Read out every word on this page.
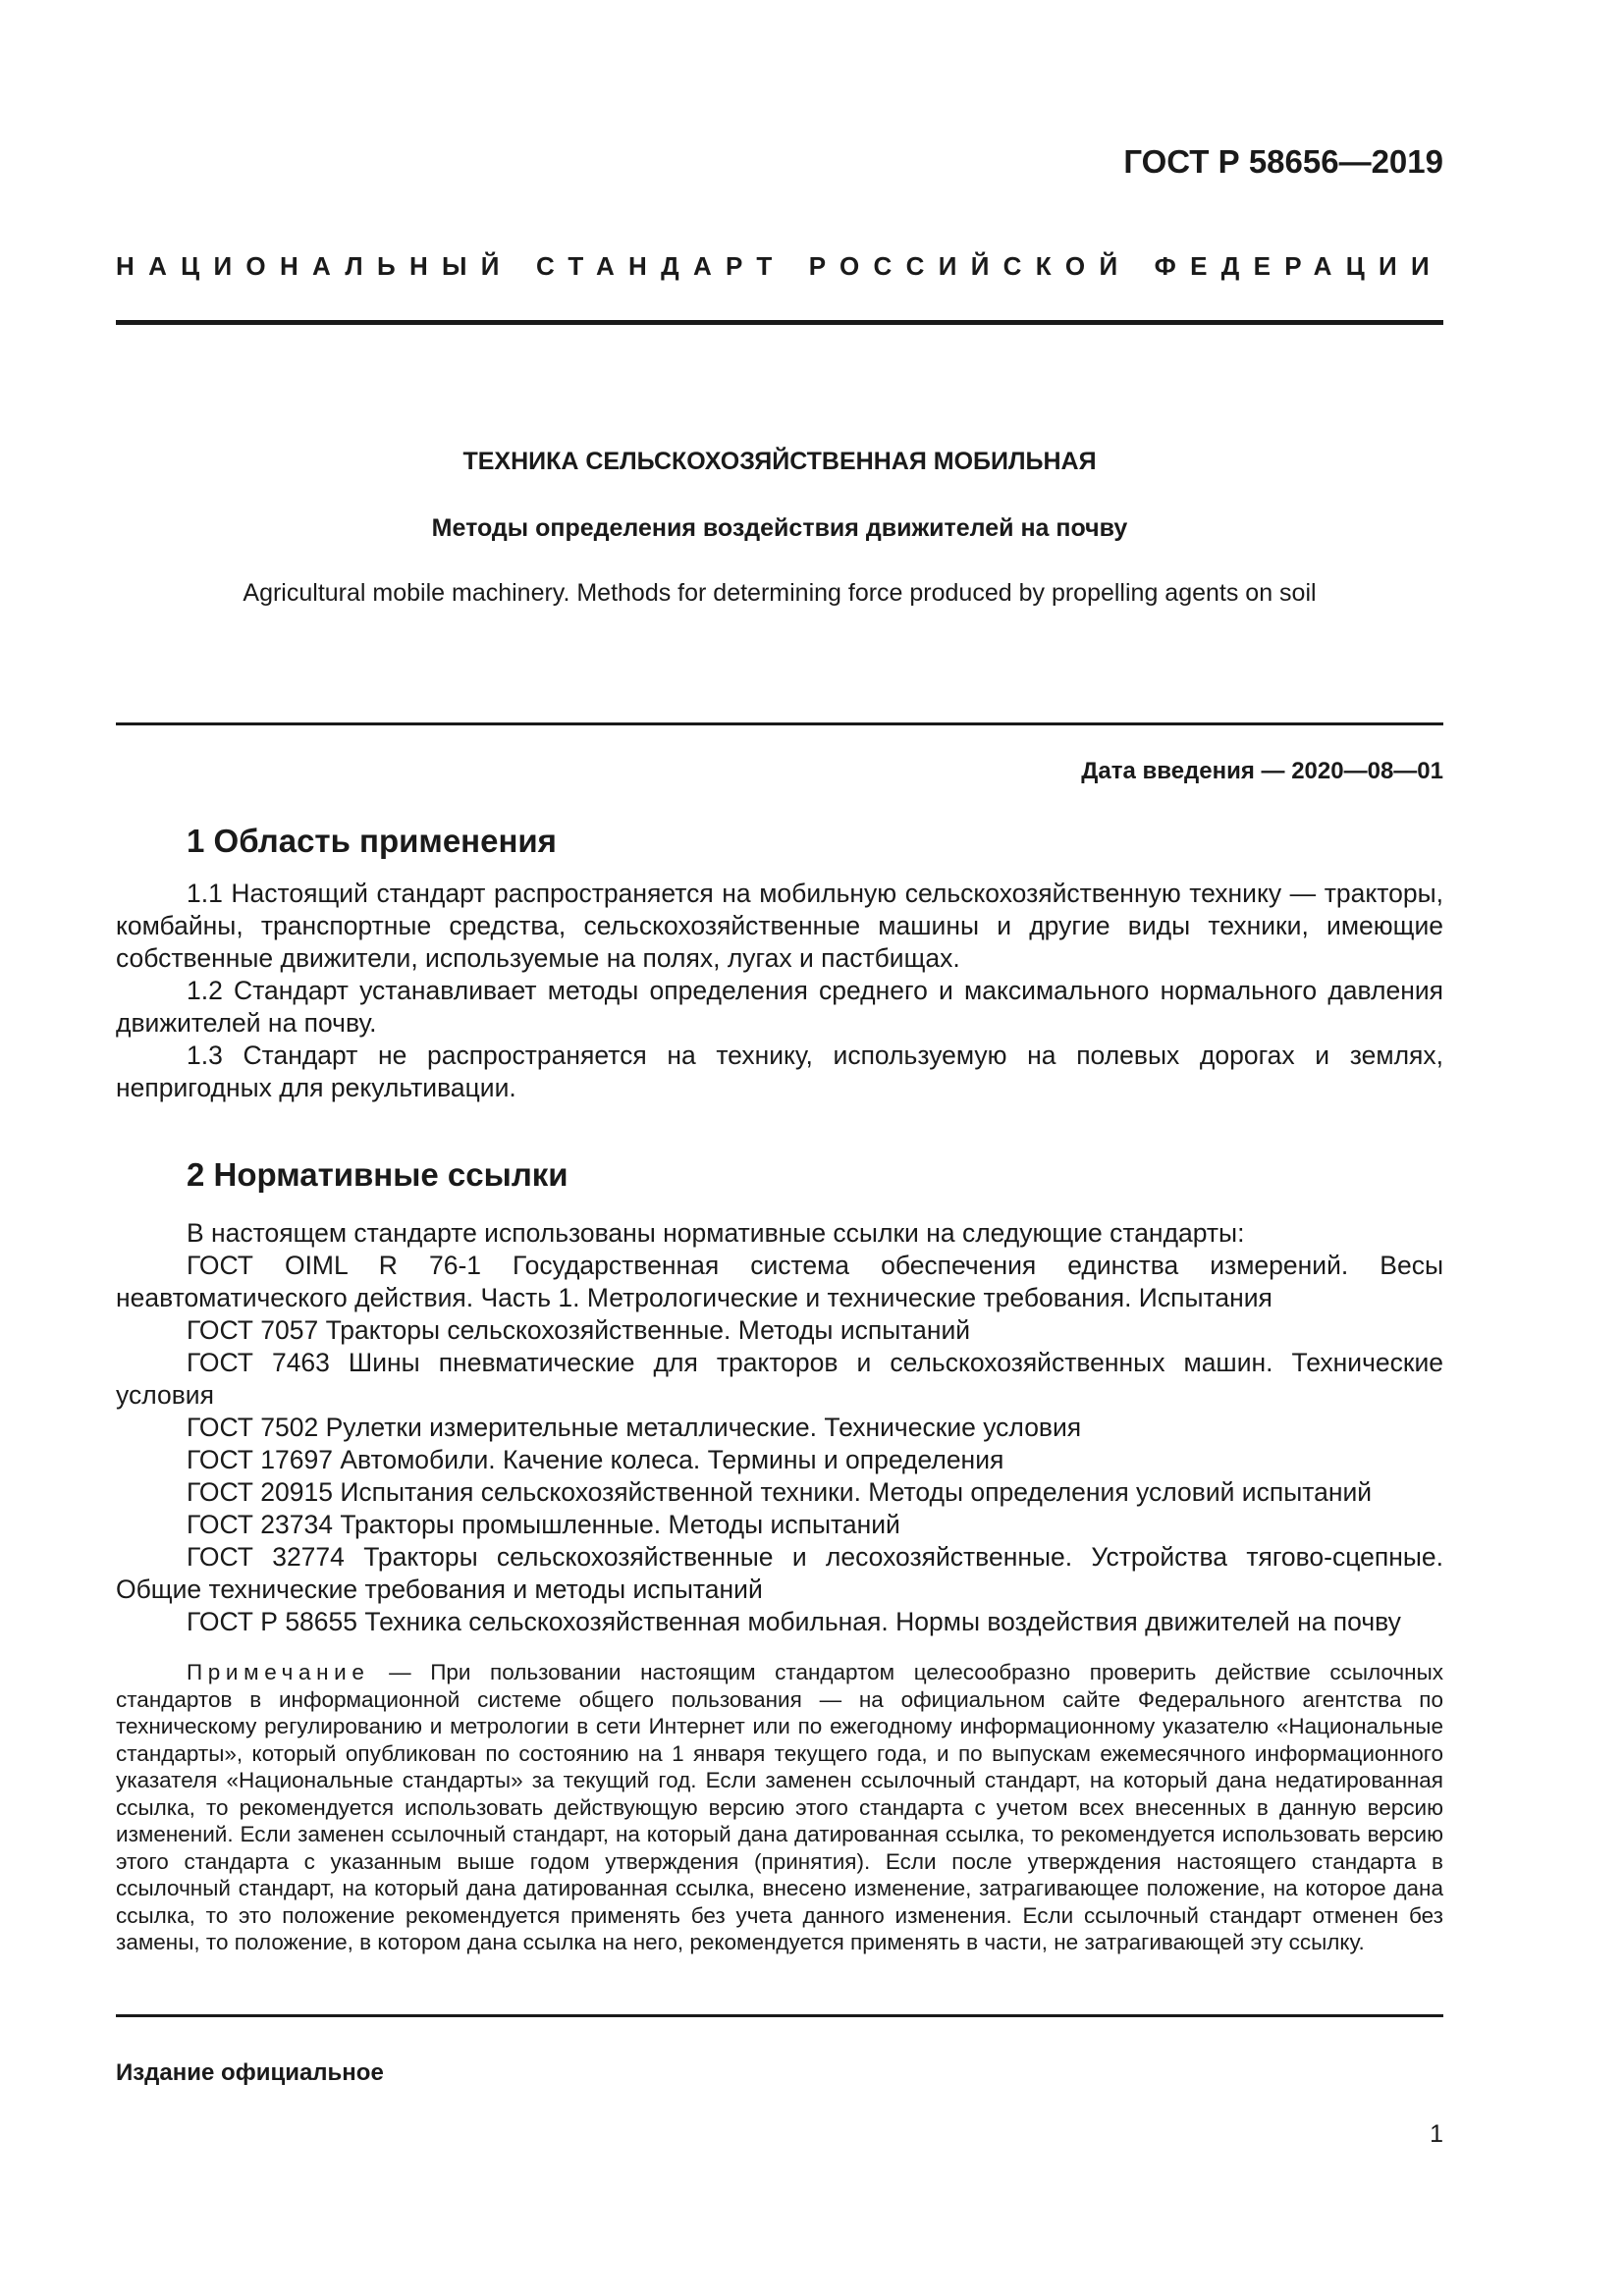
ГОСТ Р 58656—2019
НАЦИОНАЛЬНЫЙ СТАНДАРТ РОССИЙСКОЙ ФЕДЕРАЦИИ
ТЕХНИКА СЕЛЬСКОХОЗЯЙСТВЕННАЯ МОБИЛЬНАЯ
Методы определения воздействия движителей на почву
Agricultural mobile machinery. Methods for determining force produced by propelling agents on soil
Дата введения — 2020—08—01
1 Область применения

1.1 Настоящий стандарт распространяется на мобильную сельскохозяйственную технику — тракторы, комбайны, транспортные средства, сельскохозяйственные машины и другие виды техники, имеющие собственные движители, используемые на полях, лугах и пастбищах.

1.2 Стандарт устанавливает методы определения среднего и максимального нормального давления движителей на почву.

1.3 Стандарт не распространяется на технику, используемую на полевых дорогах и землях, непригодных для рекультивации.

2 Нормативные ссылки

В настоящем стандарте использованы нормативные ссылки на следующие стандарты:

ГОСТ OIML R 76-1 Государственная система обеспечения единства измерений. Весы неавтоматического действия. Часть 1. Метрологические и технические требования. Испытания

ГОСТ 7057 Тракторы сельскохозяйственные. Методы испытаний

ГОСТ 7463 Шины пневматические для тракторов и сельскохозяйственных машин. Технические условия

ГОСТ 7502 Рулетки измерительные металлические. Технические условия

ГОСТ 17697 Автомобили. Качение колеса. Термины и определения

ГОСТ 20915 Испытания сельскохозяйственной техники. Методы определения условий испытаний

ГОСТ 23734 Тракторы промышленные. Методы испытаний

ГОСТ 32774 Тракторы сельскохозяйственные и лесохозяйственные. Устройства тягово-сцепные. Общие технические требования и методы испытаний

ГОСТ Р 58655 Техника сельскохозяйственная мобильная. Нормы воздействия движителей на почву

Примечание — При пользовании настоящим стандартом целесообразно проверить действие ссылочных стандартов в информационной системе общего пользования — на официальном сайте Федерального агентства по техническому регулированию и метрологии в сети Интернет или по ежегодному информационному указателю «Национальные стандарты», который опубликован по состоянию на 1 января текущего года, и по выпускам ежемесячного информационного указателя «Национальные стандарты» за текущий год. Если заменен ссылочный стандарт, на который дана недатированная ссылка, то рекомендуется использовать действующую версию этого стандарта с учетом всех внесенных в данную версию изменений. Если заменен ссылочный стандарт, на который дана датированная ссылка, то рекомендуется использовать версию этого стандарта с указанным выше годом утверждения (принятия). Если после утверждения настоящего стандарта в ссылочный стандарт, на который дана датированная ссылка, внесено изменение, затрагивающее положение, на которое дана ссылка, то это положение рекомендуется применять без учета данного изменения. Если ссылочный стандарт отменен без замены, то положение, в котором дана ссылка на него, рекомендуется применять в части, не затрагивающей эту ссылку.

Издание официальное
1
